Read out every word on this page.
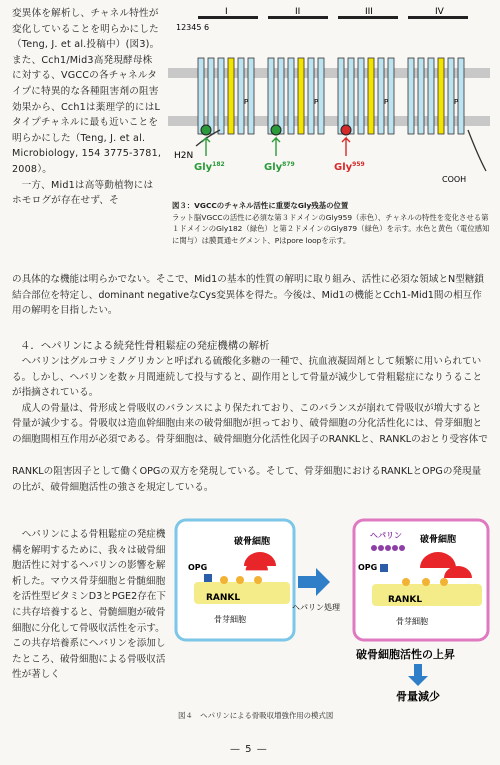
変異体を解析し、チャネル特性が変化していることを明らかにした（Teng, J. et al.投稿中）(図3)。また、Cch1/Mid3高発現酵母株に対する、VGCCの各チャネルタイプに特異的な各種阻害剤の阻害効果から、Cch1は薬理学的にはLタイプチャネルに最も近いことを明らかにした（Teng, J. et al. Microbiology, 154 3775-3781, 2008）。

一方、Mid1は高等動植物にはホモログが存在せず、そ

I	II	III	IV
P	P	P	P
H2N
COOH
12345 6
Gly$^{182}$	Gly$^{879}$	Gly$^{959}$
図３：VGCCのチャネル活性に重要なGly残基の位置
ラット脳VGCCの活性に必須な第３ドメインのGly959（赤色）、チャネルの特性を変化させる第１ドメインのGly182（緑色）と第２ドメインのGly879（緑色）を示す。水色と黄色（電位感知に関与）は膜貫通セグメント、Pはpore loopを示す。
の具体的な機能は明らかでない。そこで、Mid1の基本的性質の解明に取り組み、活性に必須な領域とN型糖鎖結合部位を特定し、dominant negativeなCys変異体を得た。今後は、Mid1の機能とCch1-Mid1間の相互作用の解明を目指したい。
４．ヘパリンによる続発性骨粗鬆症の発症機構の解析

ヘパリンはグルコサミノグリカンと呼ばれる硫酸化多糖の一種で、抗血液凝固剤として頻繁に用いられている。しかし、ヘパリンを数ヶ月間連続して投与すると、副作用として骨量が減少して骨粗鬆症になりうることが指摘されている。

成人の骨量は、骨形成と骨吸収のバランスにより保たれており、このバランスが崩れて骨吸収が増大すると骨量が減少する。骨吸収は造血幹細胞由来の破骨細胞が担っており、破骨細胞の分化活性化には、骨芽細胞との細胞間相互作用が必須である。骨芽細胞は、破骨細胞分化活性化因子のRANKLと、RANKLのおとり受容体で

RANKLの阻害因子として働くOPGの双方を発現している。そして、骨芽細胞におけるRANKLとOPGの発現量の比が、破骨細胞活性の強さを規定している。

ヘパリンによる骨粗鬆症の発症機構を解明するために、我々は破骨細胞活性に対するヘパリンの影響を解析した。マウス骨芽細胞と骨髄細胞を活性型ビタミンD3とPGE2存在下に共存培養すると、骨髄細胞が破骨細胞に分化して骨吸収活性を示す。この共存培養系にヘパリンを添加したところ、破骨細胞による骨吸収活性が著しく

OPG
破骨細胞
RANKL
骨芽細胞
ヘパリン処理
ヘパリン
OPG
破骨細胞
RANKL
骨芽細胞
破骨細胞活性の上昇
骨量減少
図４　ヘパリンによる骨吸収増強作用の模式図
— 5 —
